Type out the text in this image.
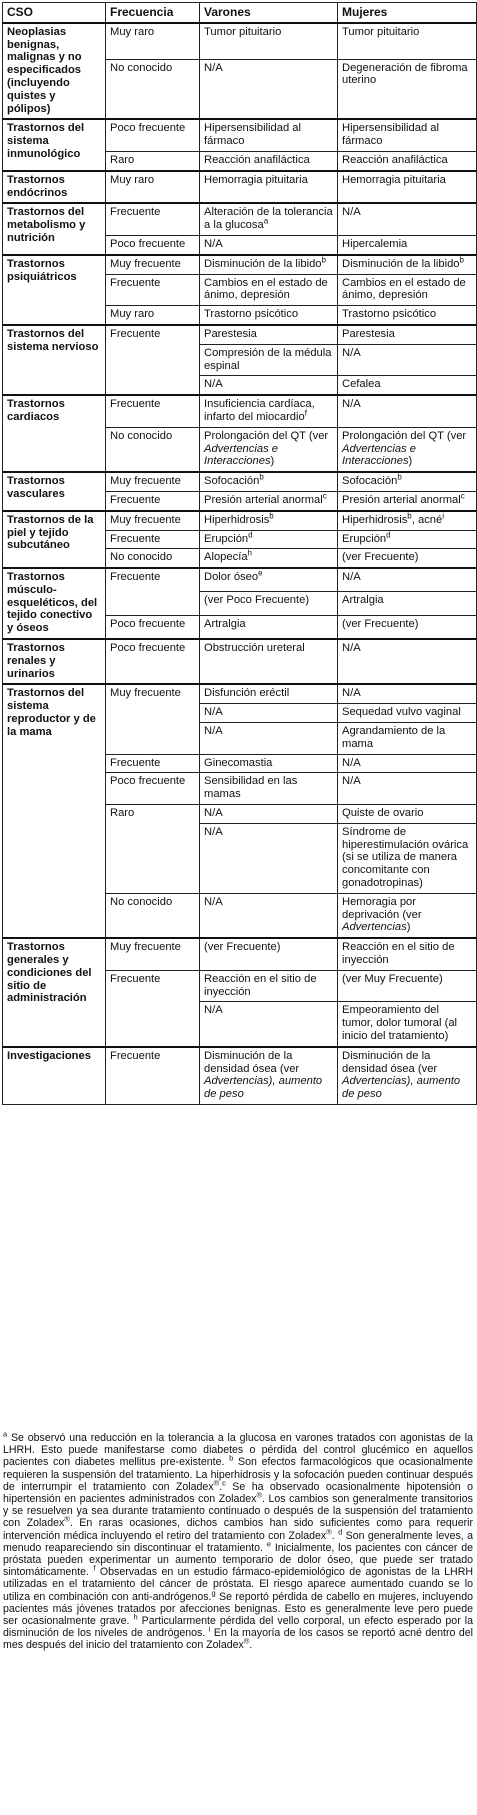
CSO	Frecuencia	Varones	Mujeres
Neoplasias benignas, malignas y no especificados (incluyendo quistes y pólipos)	Muy raro	Tumor pituitario	Tumor pituitario
	No conocido	N/A	Degeneración de fibroma uterino
Trastornos del sistema inmunológico	Poco frecuente	Hipersensibilidad al fármaco	Hipersensibilidad al fármaco
	Raro	Reacción anafiláctica	Reacción anafiláctica
Trastornos endócrinos	Muy raro	Hemorragia pituitaria	Hemorragia pituitaria
Trastornos del metabolismo y nutrición	Frecuente	Alteración de la tolerancia a la glucosa$^a$	N/A
	Poco frecuente	N/A	Hipercalemia
Trastornos psiquiátricos	Muy frecuente	Disminución de la libido$^b$	Disminución de la libido$^b$
	Frecuente	Cambios en el estado de ánimo, depresión	Cambios en el estado de ánimo, depresión
	Muy raro	Trastorno psicótico	Trastorno psicótico
Trastornos del sistema nervioso	Frecuente	Parestesia	Parestesia
		Compresión de la médula espinal	N/A
		N/A	Cefalea
Trastornos cardiacos	Frecuente	Insuficiencia cardíaca, infarto del miocardio$^f$	N/A
	No conocido	Prolongación del QT (ver Advertencias e Interacciones)	Prolongación del QT (ver Advertencias e Interacciones)
Trastornos vasculares	Muy frecuente	Sofocación$^b$	Sofocación$^b$
	Frecuente	Presión arterial anormal$^c$	Presión arterial anormal$^c$
Trastornos de la piel y tejido subcutáneo	Muy frecuente	Hiperhidrosis$^b$	Hiperhidrosis$^b$, acné$^i$
	Frecuente	Erupción$^d$	Erupción$^d$
	No conocido	Alopecía$^h$	(ver Frecuente)
Trastornos músculo-esqueléticos, del tejido conectivo y óseos	Frecuente	Dolor óseo$^e$	N/A
		(ver Poco Frecuente)	Artralgia
	Poco frecuente	Artralgia	(ver Frecuente)
Trastornos renales y urinarios	Poco frecuente	Obstrucción ureteral	N/A
Trastornos del sistema reproductor y de la mama	Muy frecuente	Disfunción eréctil	N/A
		N/A	Sequedad vulvo vaginal
		N/A	Agrandamiento de la mama
	Frecuente	Ginecomastia	N/A
	Poco frecuente	Sensibilidad en las mamas	N/A
	Raro	N/A	Quiste de ovario
		N/A	Síndrome de hiperestimulación ovárica (si se utiliza de manera concomitante con gonadotropinas)
	No conocido	N/A	Hemoragia por deprivación (ver Advertencias)
Trastornos generales y condiciones del sitio de administración	Muy frecuente	(ver Frecuente)	Reacción en el sitio de inyección
	Frecuente	Reacción en el sitio de inyección	(ver Muy Frecuente)
		N/A	Empeoramiento del tumor, dolor tumoral (al inicio del tratamiento)
Investigaciones	Frecuente	Disminución de la densidad ósea (ver Advertencias), aumento de peso	Disminución de la densidad ósea (ver Advertencias), aumento de peso
$^a$ Se observó una reducción en la tolerancia a la glucosa en varones tratados con agonistas de la LHRH. Esto puede manifestarse como diabetes o pérdida del control glucémico en aquellos pacientes con diabetes mellitus pre-existente. $^b$ Son efectos farmacológicos que ocasionalmente requieren la suspensión del tratamiento. La hiperhidrosis y la sofocación pueden continuar después de interrumpir el tratamiento con Zoladex®.$^c$ Se ha observado ocasionalmente hipotensión o hipertensión en pacientes administrados con Zoladex®. Los cambios son generalmente transitorios y se resuelven ya sea durante tratamiento continuado o después de la suspensión del tratamiento con Zoladex®. En raras ocasiones, dichos cambios han sido suficientes como para requerir intervención médica incluyendo el retiro del tratamiento con Zoladex®. $^d$ Son generalmente leves, a menudo reapareciendo sin discontinuar el tratamiento. $^e$ Inicialmente, los pacientes con cáncer de próstata pueden experimentar un aumento temporario de dolor óseo, que puede ser tratado sintomáticamente. $^f$ Observadas en un estudio fármaco-epidemiológico de agonistas de la LHRH utilizadas en el tratamiento del cáncer de próstata. El riesgo aparece aumentado cuando se lo utiliza en combinación con anti-andrógenos.$^g$ Se reportó pérdida de cabello en mujeres, incluyendo pacientes más jóvenes tratados por afecciones benignas. Esto es generalmente leve pero puede ser ocasionalmente grave. $^h$ Particularmente pérdida del vello corporal, un efecto esperado por la disminución de los niveles de andrógenos. $^i$ En la mayoría de los casos se reportó acné dentro del mes después del inicio del tratamiento con Zoladex®.
